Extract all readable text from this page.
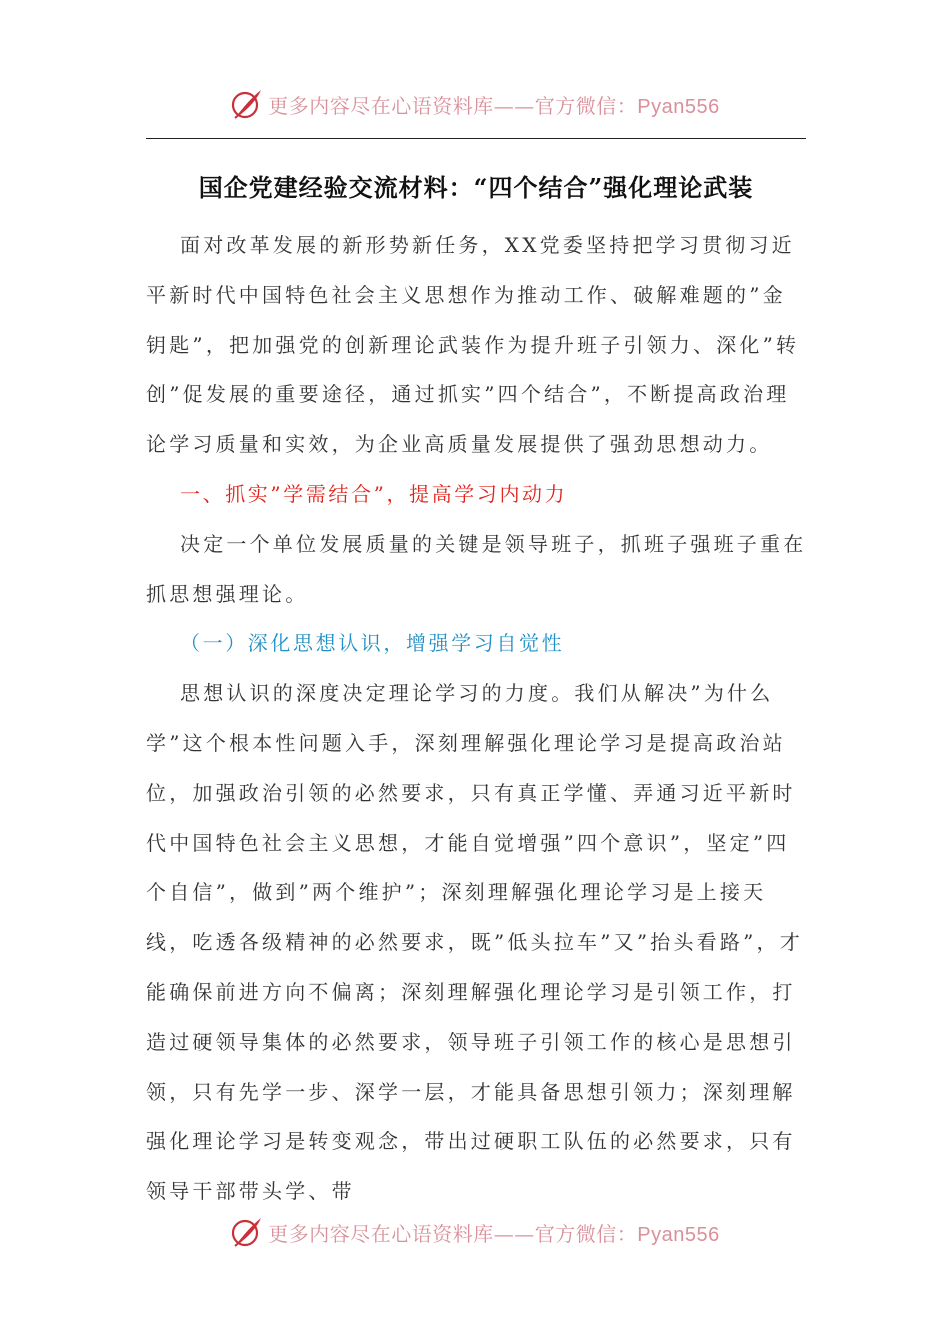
更多内容尽在心语资料库——官方微信：Pyan556
国企党建经验交流材料：“四个结合”强化理论武装

面对改革发展的新形势新任务，XX党委坚持把学习贯彻习近平新时代中国特色社会主义思想作为推动工作、破解难题的”金钥匙”，把加强党的创新理论武装作为提升班子引领力、深化”转创”促发展的重要途径，通过抓实”四个结合”，不断提高政治理论学习质量和实效，为企业高质量发展提供了强劲思想动力。

一、抓实”学需结合”，提高学习内动力

决定一个单位发展质量的关键是领导班子，抓班子强班子重在抓思想强理论。

（一）深化思想认识，增强学习自觉性

思想认识的深度决定理论学习的力度。我们从解决”为什么学”这个根本性问题入手，深刻理解强化理论学习是提高政治站位，加强政治引领的必然要求，只有真正学懂、弄通习近平新时代中国特色社会主义思想，才能自觉增强”四个意识”，坚定”四个自信”，做到”两个维护”；深刻理解强化理论学习是上接天线，吃透各级精神的必然要求，既”低头拉车”又”抬头看路”，才能确保前进方向不偏离；深刻理解强化理论学习是引领工作，打造过硬领导集体的必然要求，领导班子引领工作的核心是思想引领，只有先学一步、深学一层，才能具备思想引领力；深刻理解强化理论学习是转变观念，带出过硬职工队伍的必然要求，只有领导干部带头学、带

更多内容尽在心语资料库——官方微信：Pyan556
